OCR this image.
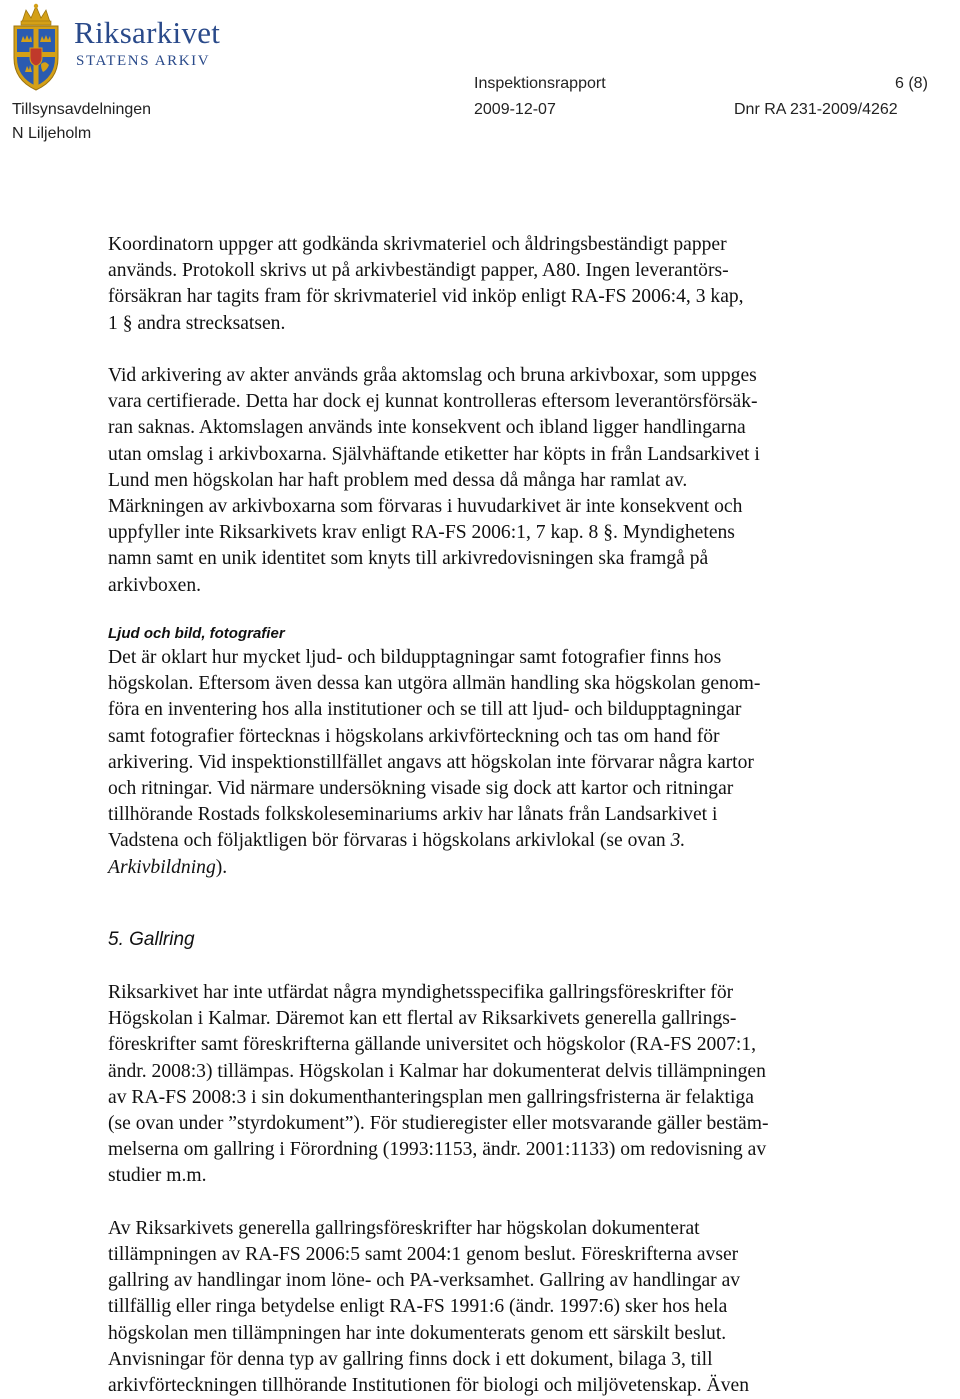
Riksarkivet
STATENS ARKIV
Inspektionsrapport	6 (8)
Tillsynsavdelningen	2009-12-07	Dnr RA 231-2009/4262
N Liljeholm

Koordinatorn uppger att godkända skrivmateriel och åldringsbeständigt papper
används. Protokoll skrivs ut på arkivbeständigt papper, A80. Ingen leverantörs-
försäkran har tagits fram för skrivmateriel vid inköp enligt RA-FS 2006:4, 3 kap,
1 § andra strecksatsen.

Vid arkivering av akter används gråa aktomslag och bruna arkivboxar, som uppges
vara certifierade. Detta har dock ej kunnat kontrolleras eftersom leverantörsförsäk-
ran saknas. Aktomslagen används inte konsekvent och ibland ligger handlingarna
utan omslag i arkivboxarna. Självhäftande etiketter har köpts in från Landsarkivet i
Lund men högskolan har haft problem med dessa då många har ramlat av.
Märkningen av arkivboxarna som förvaras i huvudarkivet är inte konsekvent och
uppfyller inte Riksarkivets krav enligt RA-FS 2006:1, 7 kap. 8 §. Myndighetens
namn samt en unik identitet som knyts till arkivredovisningen ska framgå på
arkivboxen.

Ljud och bild, fotografier

Det är oklart hur mycket ljud- och bildupptagningar samt fotografier finns hos
högskolan. Eftersom även dessa kan utgöra allmän handling ska högskolan genom-
föra en inventering hos alla institutioner och se till att ljud- och bildupptagningar
samt fotografier förtecknas i högskolans arkivförteckning och tas om hand för
arkivering. Vid inspektionstillfället angavs att högskolan inte förvarar några kartor
och ritningar. Vid närmare undersökning visade sig dock att kartor och ritningar
tillhörande Rostads folkskoleseminariums arkiv har lånats från Landsarkivet i
Vadstena och följaktligen bör förvaras i högskolans arkivlokal (se ovan 3.
Arkivbildning).

5. Gallring

Riksarkivet har inte utfärdat några myndighetsspecifika gallringsföreskrifter för
Högskolan i Kalmar. Däremot kan ett flertal av Riksarkivets generella gallrings-
föreskrifter samt föreskrifterna gällande universitet och högskolor (RA-FS 2007:1,
ändr. 2008:3) tillämpas. Högskolan i Kalmar har dokumenterat delvis tillämpningen
av RA-FS 2008:3 i sin dokumenthanteringsplan men gallringsfristerna är felaktiga
(se ovan under ”styrdokument”). För studieregister eller motsvarande gäller bestäm-
melserna om gallring i Förordning (1993:1153, ändr. 2001:1133) om redovisning av
studier m.m.

Av Riksarkivets generella gallringsföreskrifter har högskolan dokumenterat
tillämpningen av RA-FS 2006:5 samt 2004:1 genom beslut. Föreskrifterna avser
gallring av handlingar inom löne- och PA-verksamhet. Gallring av handlingar av
tillfällig eller ringa betydelse enligt RA-FS 1991:6 (ändr. 1997:6) sker hos hela
högskolan men tillämpningen har inte dokumenterats genom ett särskilt beslut.
Anvisningar för denna typ av gallring finns dock i ett dokument, bilaga 3, till
arkivförteckningen tillhörande Institutionen för biologi och miljövetenskap. Även
